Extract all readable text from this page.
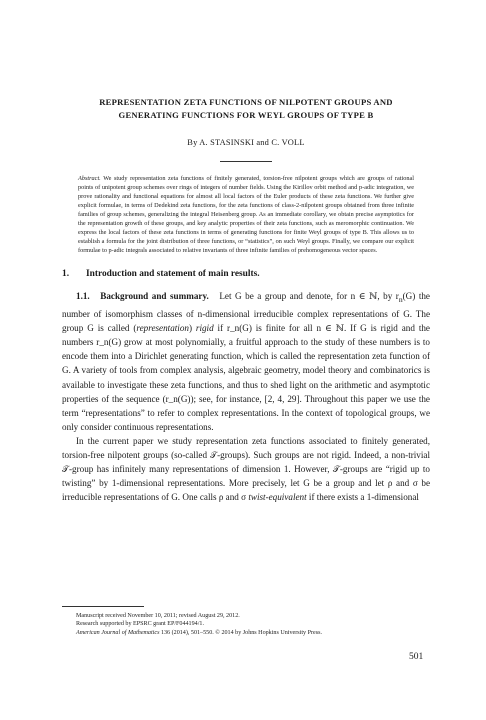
REPRESENTATION ZETA FUNCTIONS OF NILPOTENT GROUPS AND
GENERATING FUNCTIONS FOR WEYL GROUPS OF TYPE B
By A. STASINSKI and C. VOLL
Abstract. We study representation zeta functions of finitely generated, torsion-free nilpotent groups which are groups of rational points of unipotent group schemes over rings of integers of number fields. Using the Kirillov orbit method and p-adic integration, we prove rationality and functional equations for almost all local factors of the Euler products of these zeta functions. We further give explicit formulae, in terms of Dedekind zeta functions, for the zeta functions of class-2-nilpotent groups obtained from three infinite families of group schemes, generalizing the integral Heisenberg group. As an immediate corollary, we obtain precise asymptotics for the representation growth of these groups, and key analytic properties of their zeta functions, such as meromorphic continuation. We express the local factors of these zeta functions in terms of generating functions for finite Weyl groups of type B. This allows us to establish a formula for the joint distribution of three functions, or “statistics”, on such Weyl groups. Finally, we compare our explicit formulae to p-adic integrals associated to relative invariants of three infinite families of prehomogeneous vector spaces.
1. Introduction and statement of main results.

1.1. Background and summary. Let G be a group and denote, for n ∈ ℕ, by $r_n(G)$ the number of isomorphism classes of n-dimensional irreducible complex representations of G. The group G is called (representation) rigid if r_n(G) is finite for all n ∈ ℕ. If G is rigid and the numbers r_n(G) grow at most polynomially, a fruitful approach to the study of these numbers is to encode them into a Dirichlet generating function, which is called the representation zeta function of G. A variety of tools from complex analysis, algebraic geometry, model theory and combinatorics is available to investigate these zeta functions, and thus to shed light on the arithmetic and asymptotic properties of the sequence (r_n(G)); see, for instance, [2, 4, 29]. Throughout this paper we use the term “representations” to refer to complex representations. In the context of topological groups, we only consider continuous representations.

In the current paper we study representation zeta functions associated to finitely generated, torsion-free nilpotent groups (so-called 𝒯-groups). Such groups are not rigid. Indeed, a non-trivial 𝒯-group has infinitely many representations of dimension 1. However, 𝒯-groups are “rigid up to twisting” by 1-dimensional representations. More precisely, let G be a group and let ρ and σ be irreducible representations of G. One calls ρ and σ twist-equivalent if there exists a 1-dimensional

Manuscript received November 10, 2011; revised August 29, 2012.
Research supported by EPSRC grant EP/F044194/1.
American Journal of Mathematics 136 (2014), 501–550. © 2014 by Johns Hopkins University Press.
501
